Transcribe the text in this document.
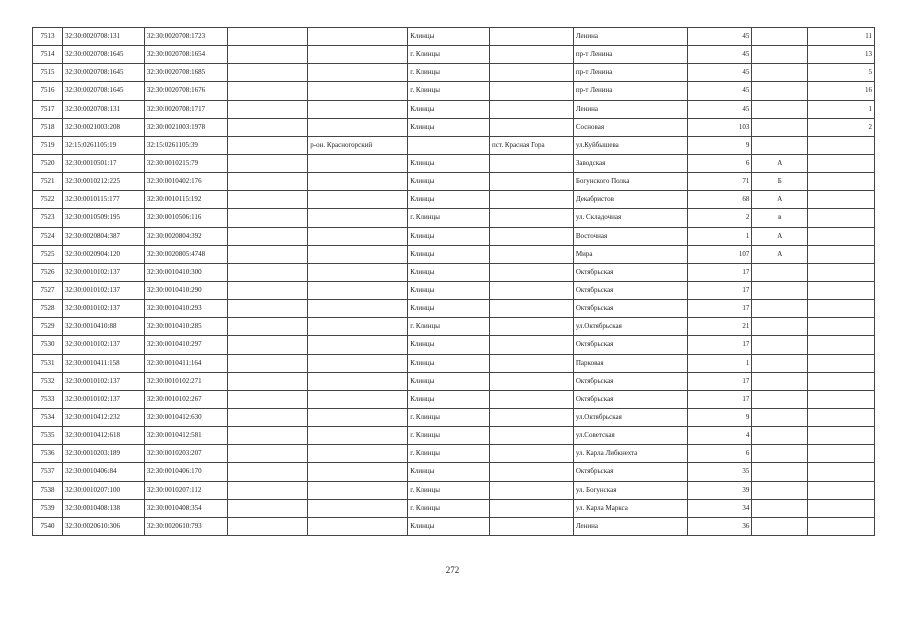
7513	32:30:0020708:131	32:30:0020708:1723			Клинцы		Ленина	45		11
7514	32:30:0020708:1645	32:30:0020708:1654			г. Клинцы		пр-т Ленина	45		13
7515	32:30:0020708:1645	32:30:0020708:1685			г. Клинцы		пр-т Ленина	45		5
7516	32:30:0020708:1645	32:30:0020708:1676			г. Клинцы		пр-т Ленина	45		16
7517	32:30:0020708:131	32:30:0020708:1717			Клинцы		Ленина	45		1
7518	32:30:0021003:208	32:30:0021003:1978			Клинцы		Сосновая	103		2
7519	32:15:0261105:19	32:15:0261105:39		р-он. Красногорский		пст. Красная Гора	ул.Куйбышева	9		
7520	32:30:0010501:17	32:30:0010215:79			Клинцы		Заводская	6	А	
7521	32:30:0010212:225	32:30:0010402:176			Клинцы		Богунского Полка	71	Б	
7522	32:30:0010115:177	32:30:0010115:192			Клинцы		Декабристов	68	А	
7523	32:30:0010509:195	32:30:0010506:116			г. Клинцы		ул. Складочная	2	в	
7524	32:30:0020804:387	32:30:0020804:392			Клинцы		Восточная	1	А	
7525	32:30:0020904:120	32:30:0020805:4748			Клинцы		Мира	107	А	
7526	32:30:0010102:137	32:30:0010410:300			Клинцы		Октябрьская	17		
7527	32:30:0010102:137	32:30:0010410:290			Клинцы		Октябрьская	17		
7528	32:30:0010102:137	32:30:0010410:293			Клинцы		Октябрьская	17		
7529	32:30:0010410:88	32:30:0010410:285			г. Клинцы		ул.Октябрьская	21		
7530	32:30:0010102:137	32:30:0010410:297			Клинцы		Октябрьская	17		
7531	32:30:0010411:158	32:30:0010411:164			Клинцы		Парковая	1		
7532	32:30:0010102:137	32:30:0010102:271			Клинцы		Октябрьская	17		
7533	32:30:0010102:137	32:30:0010102:267			Клинцы		Октябрьская	17		
7534	32:30:0010412:232	32:30:0010412:630			г. Клинцы		ул.Октябрьская	9		
7535	32:30:0010412:618	32:30:0010412:581			г. Клинцы		ул.Советская	4		
7536	32:30:0010203:189	32:30:0010203:207			г. Клинцы		ул. Карла Либкнехта	6		
7537	32:30:0010406:84	32:30:0010406:170			Клинцы		Октябрьская	35		
7538	32:30:0010207:100	32:30:0010207:112			г. Клинцы		ул. Богунская	39		
7539	32:30:0010408:138	32:30:0010408:354			г. Клинцы		ул. Карла Маркса	34		
7540	32:30:0020610:306	32:30:0020610:793			Клинцы		Ленина	36		
272
